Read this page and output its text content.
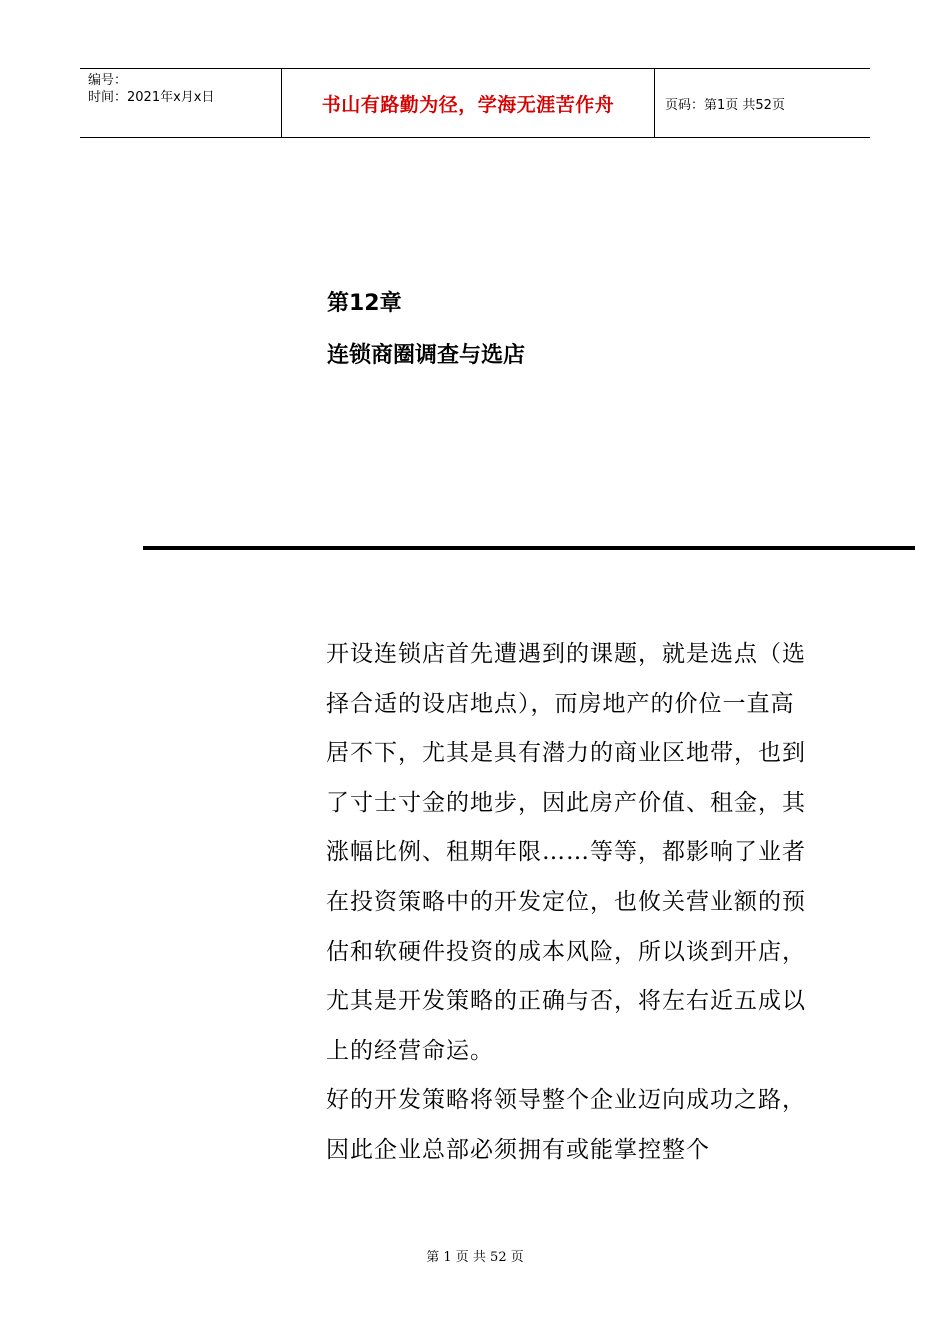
编号：
时间：2021年x月x日	书山有路勤为径，学海无涯苦作舟	页码：第1页 共52页
第12章
连锁商圈调查与选店

开设连锁店首先遭遇到的课题，就是选点（选择合适的设店地点），而房地产的价位一直高居不下，尤其是具有潜力的商业区地带，也到了寸士寸金的地步，因此房产价值、租金，其涨幅比例、租期年限……等等，都影响了业者在投资策略中的开发定位，也攸关营业额的预估和软硬件投资的成本风险，所以谈到开店，尤其是开发策略的正确与否，将左右近五成以上的经营命运。

好的开发策略将领导整个企业迈向成功之路，因此企业总部必须拥有或能掌控整个

第 1 页 共 52 页
